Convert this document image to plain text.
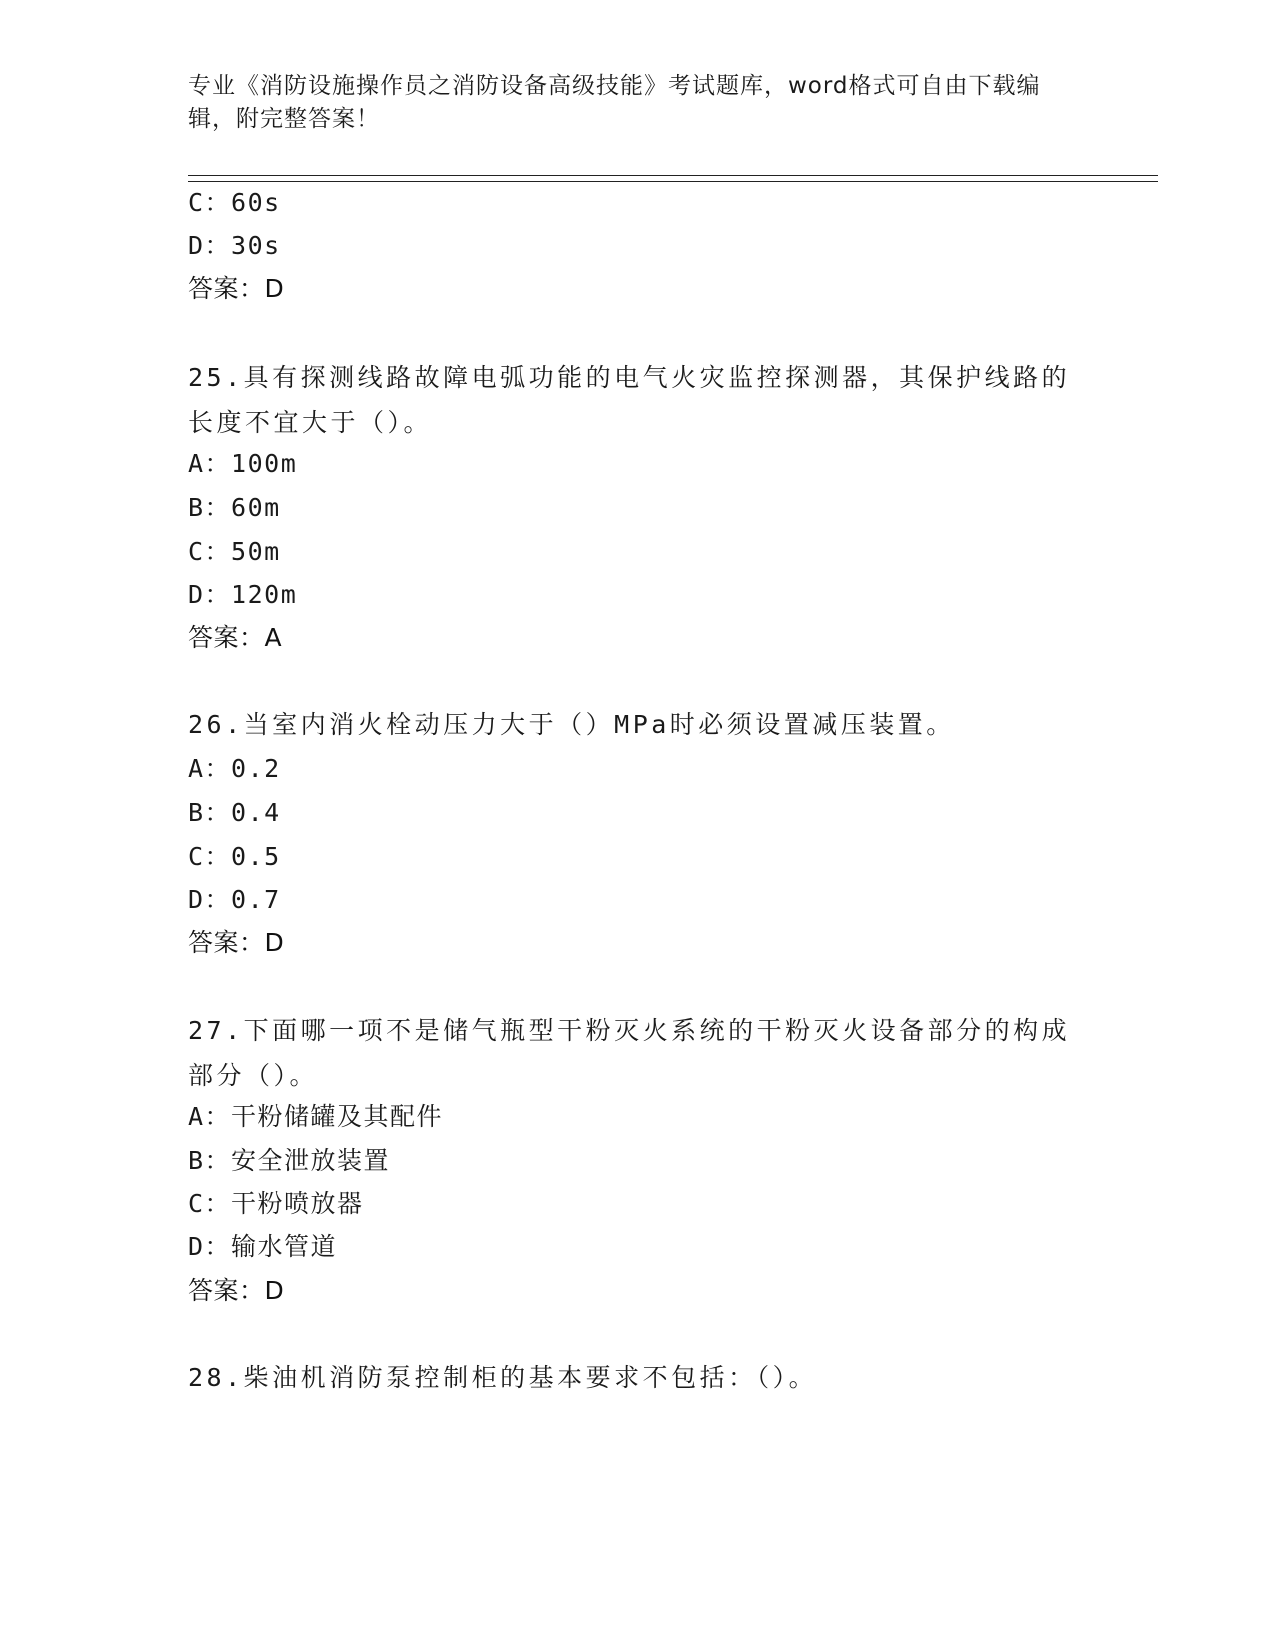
专业《消防设施操作员之消防设备高级技能》考试题库，word格式可自由下载编辑，附完整答案！
C：60s
D：30s
答案：D
25.具有探测线路故障电弧功能的电气火灾监控探测器，其保护线路的长度不宜大于（）。
A：100m
B：60m
C：50m
D：120m
答案：A
26.当室内消火栓动压力大于（）MPa时必须设置减压装置。
A：0.2
B：0.4
C：0.5
D：0.7
答案：D
27.下面哪一项不是储气瓶型干粉灭火系统的干粉灭火设备部分的构成部分（）。
A：干粉储罐及其配件
B：安全泄放装置
C：干粉喷放器
D：输水管道
答案：D
28.柴油机消防泵控制柜的基本要求不包括：（）。
